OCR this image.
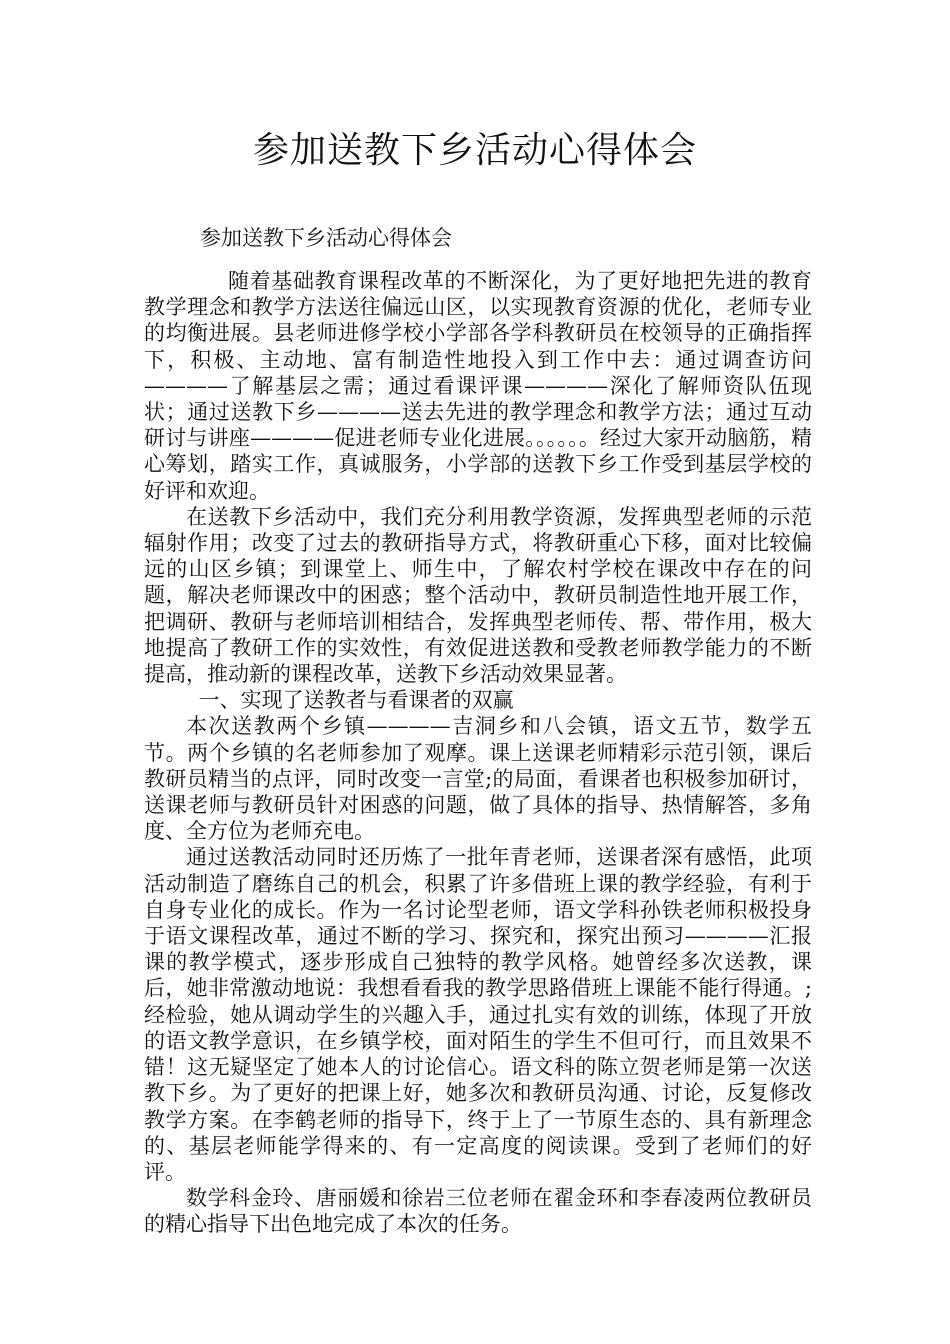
参加送教下乡活动心得体会

参加送教下乡活动心得体会

随着基础教育课程改革的不断深化，为了更好地把先进的教育教学理念和教学方法送往偏远山区，以实现教育资源的优化，老师专业的均衡进展。县老师进修学校小学部各学科教研员在校领导的正确指挥下，积极、主动地、富有制造性地投入到工作中去：通过调查访问————了解基层之需；通过看课评课————深化了解师资队伍现状；通过送教下乡————送去先进的教学理念和教学方法；通过互动研讨与讲座————促进老师专业化进展。。。。。。经过大家开动脑筋，精心筹划，踏实工作，真诚服务，小学部的送教下乡工作受到基层学校的好评和欢迎。

在送教下乡活动中，我们充分利用教学资源，发挥典型老师的示范辐射作用；改变了过去的教研指导方式，将教研重心下移，面对比较偏远的山区乡镇；到课堂上、师生中，了解农村学校在课改中存在的问题，解决老师课改中的困惑；整个活动中，教研员制造性地开展工作，把调研、教研与老师培训相结合，发挥典型老师传、帮、带作用，极大地提高了教研工作的实效性，有效促进送教和受教老师教学能力的不断提高，推动新的课程改革，送教下乡活动效果显著。

一、实现了送教者与看课者的双赢

本次送教两个乡镇————吉洞乡和八会镇，语文五节，数学五节。两个乡镇的名老师参加了观摩。课上送课老师精彩示范引领，课后教研员精当的点评，同时改变一言堂;的局面，看课者也积极参加研讨，送课老师与教研员针对困惑的问题，做了具体的指导、热情解答，多角度、全方位为老师充电。

通过送教活动同时还历炼了一批年青老师，送课者深有感悟，此项活动制造了磨练自己的机会，积累了许多借班上课的教学经验，有利于自身专业化的成长。作为一名讨论型老师，语文学科孙铁老师积极投身于语文课程改革，通过不断的学习、探究和，探究出预习————汇报课的教学模式，逐步形成自己独特的教学风格。她曾经多次送教，课后，她非常激动地说：我想看看我的教学思路借班上课能不能行得通。;经检验，她从调动学生的兴趣入手，通过扎实有效的训练，体现了开放的语文教学意识，在乡镇学校，面对陌生的学生不但可行，而且效果不错！这无疑坚定了她本人的讨论信心。语文科的陈立贺老师是第一次送教下乡。为了更好的把课上好，她多次和教研员沟通、讨论，反复修改教学方案。在李鹤老师的指导下，终于上了一节原生态的、具有新理念的、基层老师能学得来的、有一定高度的阅读课。受到了老师们的好评。

数学科金玲、唐丽媛和徐岩三位老师在翟金环和李春凌两位教研员的精心指导下出色地完成了本次的任务。
